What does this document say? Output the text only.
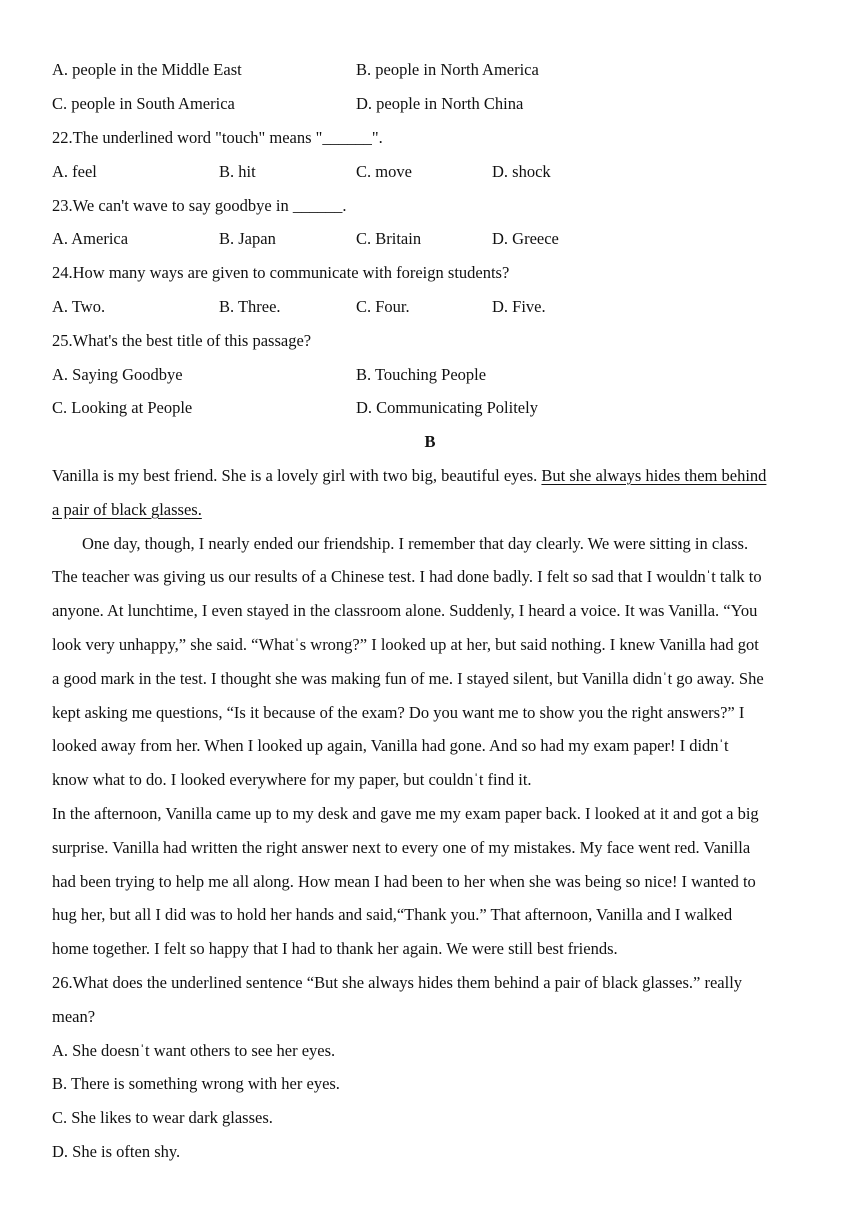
A. people in the Middle East	B. people in North America
C. people in South America	D. people in North China
22.The underlined word "touch" means "______".
A. feel	B. hit	C. move	D. shock
23.We can't wave to say goodbye in ______.
A. America	B. Japan	C. Britain	D. Greece
24.How many ways are given to communicate with foreign students?
A. Two.	B. Three.	C. Four.	D. Five.
25.What's the best title of this passage?
A. Saying Goodbye	B. Touching People
C. Looking at People	D. Communicating Politely
B
Vanilla is my best friend. She is a lovely girl with two big, beautiful eyes. But she always hides them behind
a pair of black glasses.
One day, though, I nearly ended our friendship. I remember that day clearly. We were sitting in class.
The teacher was giving us our results of a Chinese test. I had done badly. I felt so sad that I wouldnˈt talk to
anyone. At lunchtime, I even stayed in the classroom alone. Suddenly, I heard a voice. It was Vanilla. “You
look very unhappy,” she said. “Whatˈs wrong?” I looked up at her, but said nothing. I knew Vanilla had got
a good mark in the test. I thought she was making fun of me. I stayed silent, but Vanilla didnˈt go away. She
kept asking me questions, “Is it because of the exam? Do you want me to show you the right answers?” I
looked away from her. When I looked up again, Vanilla had gone. And so had my exam paper! I didnˈt
know what to do. I looked everywhere for my paper, but couldnˈt find it.
In the afternoon, Vanilla came up to my desk and gave me my exam paper back. I looked at it and got a big
surprise. Vanilla had written the right answer next to every one of my mistakes. My face went red. Vanilla
had been trying to help me all along. How mean I had been to her when she was being so nice! I wanted to
hug her, but all I did was to hold her hands and said,“Thank you.” That afternoon, Vanilla and I walked
home together. I felt so happy that I had to thank her again. We were still best friends.
26.What does the underlined sentence “But she always hides them behind a pair of black glasses.” really
mean?
A. She doesnˈt want others to see her eyes.
B. There is something wrong with her eyes.
C. She likes to wear dark glasses.
D. She is often shy.
